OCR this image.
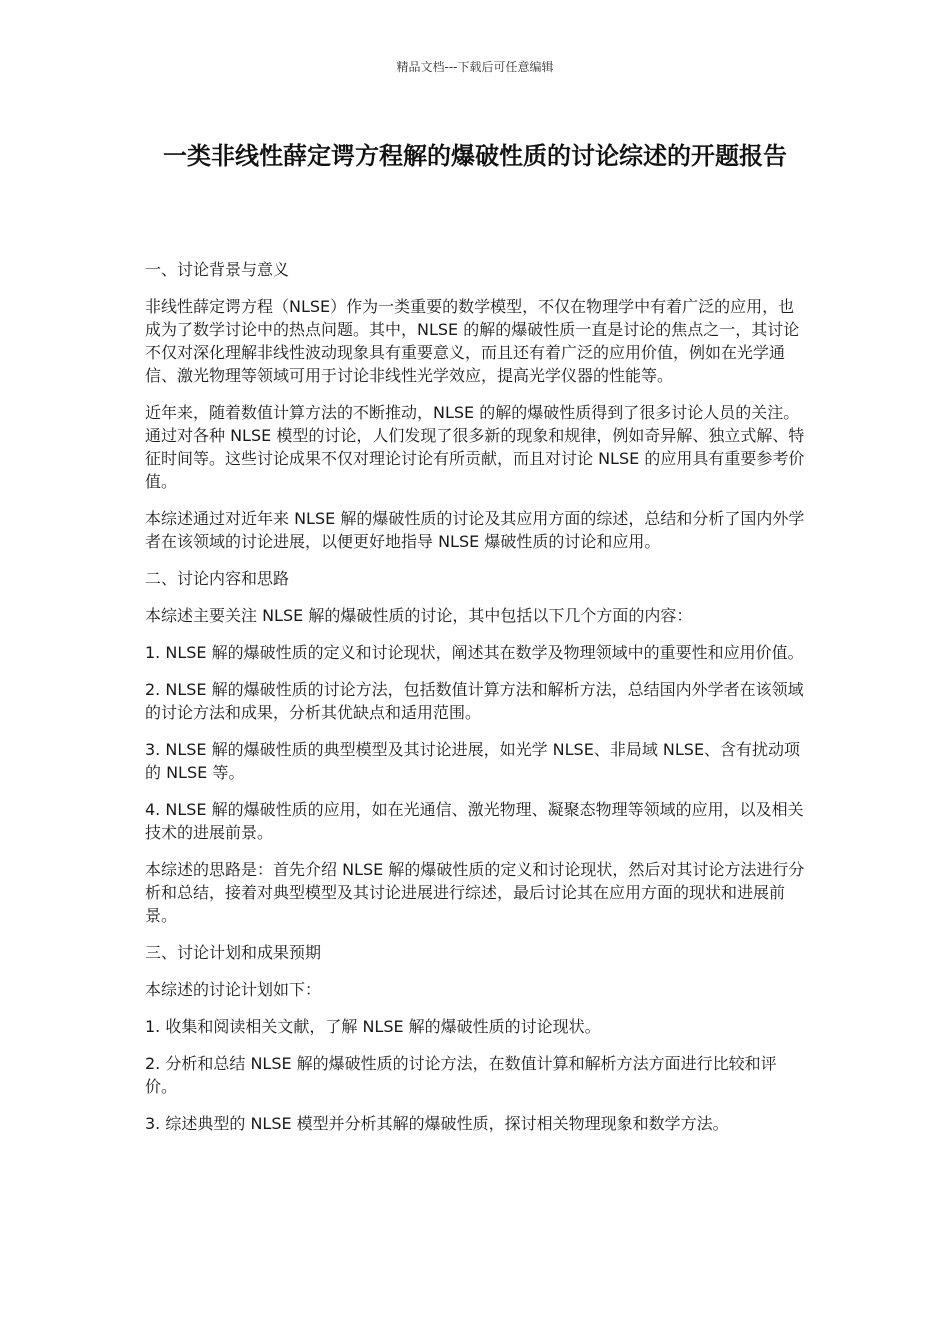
精品文档---下载后可任意编辑
一类非线性薛定谔方程解的爆破性质的讨论综述的开题报告

一、讨论背景与意义

非线性薛定谔方程（NLSE）作为一类重要的数学模型，不仅在物理学中有着广泛的应用，也成为了数学讨论中的热点问题。其中，NLSE 的解的爆破性质一直是讨论的焦点之一，其讨论不仅对深化理解非线性波动现象具有重要意义，而且还有着广泛的应用价值，例如在光学通信、激光物理等领域可用于讨论非线性光学效应，提高光学仪器的性能等。

近年来，随着数值计算方法的不断推动，NLSE 的解的爆破性质得到了很多讨论人员的关注。通过对各种 NLSE 模型的讨论，人们发现了很多新的现象和规律，例如奇异解、独立式解、特征时间等。这些讨论成果不仅对理论讨论有所贡献，而且对讨论 NLSE 的应用具有重要参考价值。

本综述通过对近年来 NLSE 解的爆破性质的讨论及其应用方面的综述，总结和分析了国内外学者在该领域的讨论进展，以便更好地指导 NLSE 爆破性质的讨论和应用。

二、讨论内容和思路

本综述主要关注 NLSE 解的爆破性质的讨论，其中包括以下几个方面的内容：

1. NLSE 解的爆破性质的定义和讨论现状，阐述其在数学及物理领域中的重要性和应用价值。

2. NLSE 解的爆破性质的讨论方法，包括数值计算方法和解析方法，总结国内外学者在该领域的讨论方法和成果，分析其优缺点和适用范围。

3. NLSE 解的爆破性质的典型模型及其讨论进展，如光学 NLSE、非局域 NLSE、含有扰动项的 NLSE 等。

4. NLSE 解的爆破性质的应用，如在光通信、激光物理、凝聚态物理等领域的应用，以及相关技术的进展前景。

本综述的思路是：首先介绍 NLSE 解的爆破性质的定义和讨论现状，然后对其讨论方法进行分析和总结，接着对典型模型及其讨论进展进行综述，最后讨论其在应用方面的现状和进展前景。

三、讨论计划和成果预期

本综述的讨论计划如下：

1. 收集和阅读相关文献，了解 NLSE 解的爆破性质的讨论现状。

2. 分析和总结 NLSE 解的爆破性质的讨论方法，在数值计算和解析方法方面进行比较和评价。

3. 综述典型的 NLSE 模型并分析其解的爆破性质，探讨相关物理现象和数学方法。
